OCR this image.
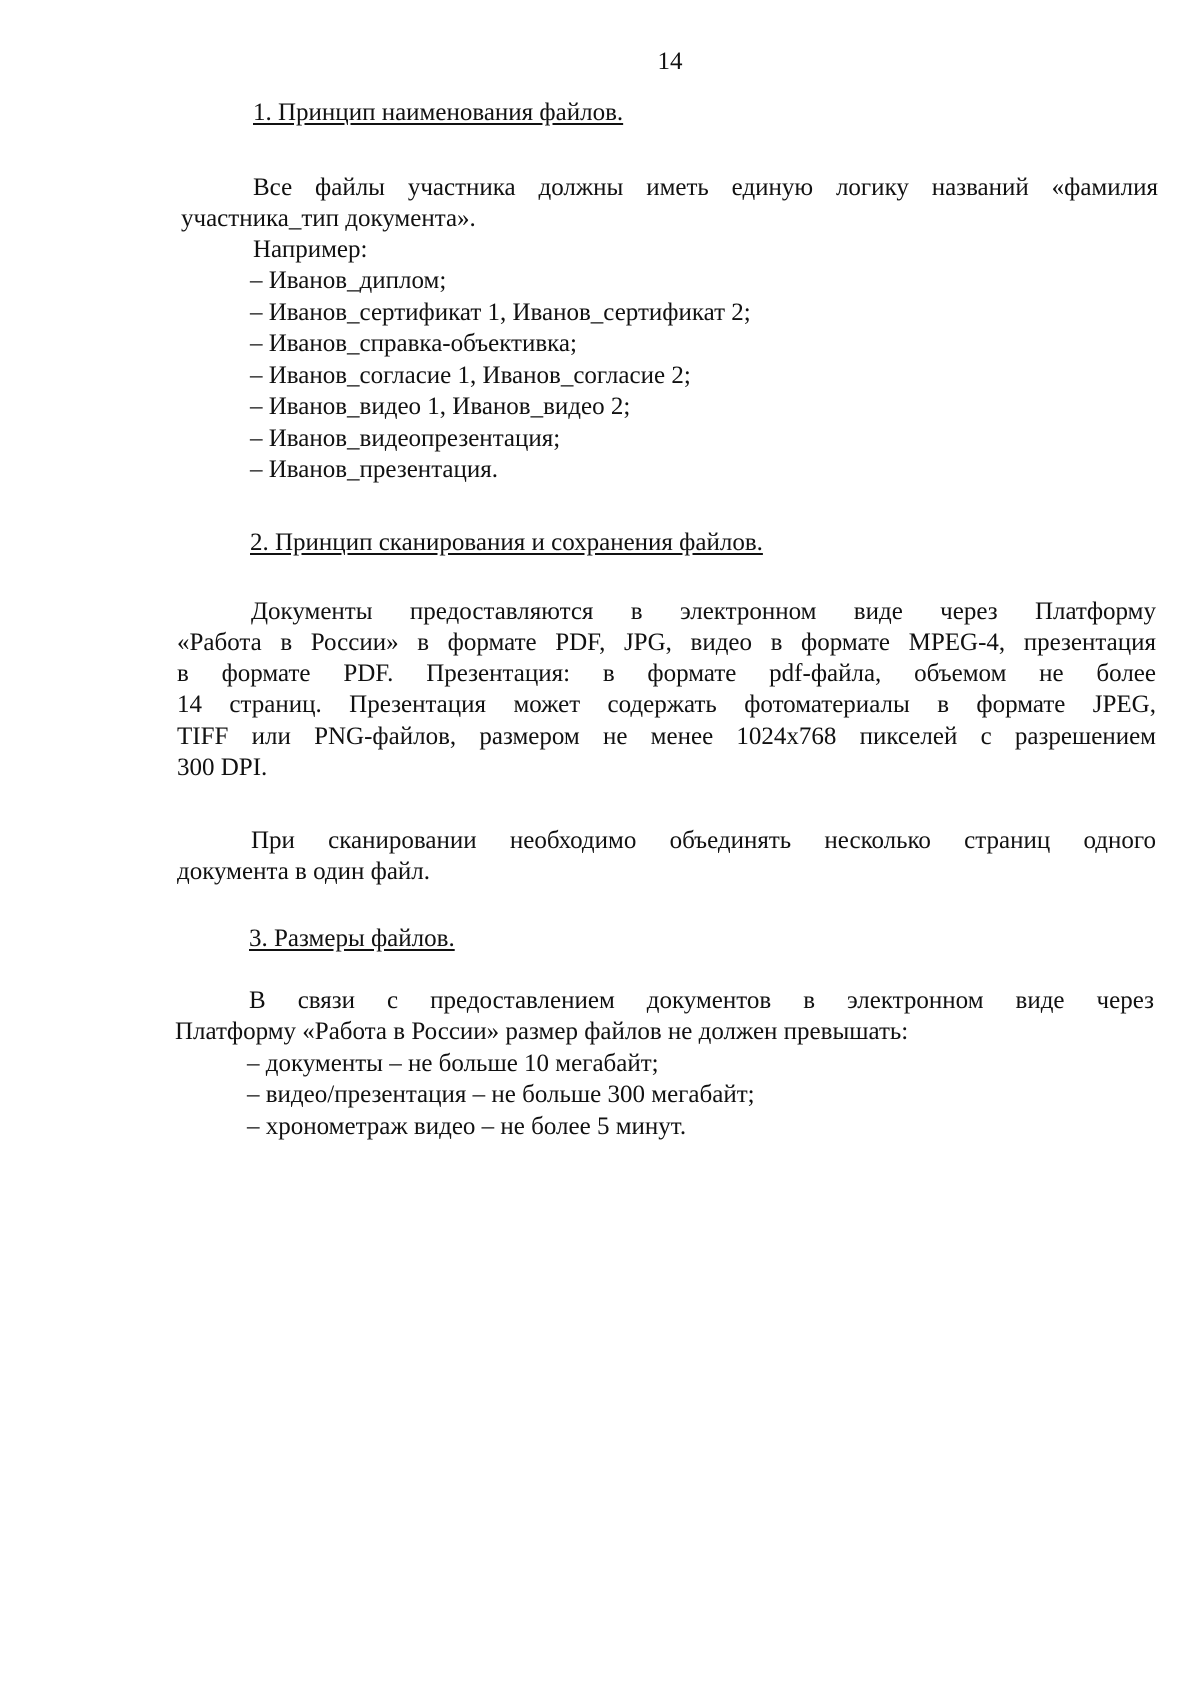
14
1. Принцип наименования файлов.
Все файлы участника должны иметь единую логику названий «фамилия
участника_тип документа».
Например:
– Иванов_диплом;
– Иванов_сертификат 1, Иванов_сертификат 2;
– Иванов_справка-объективка;
– Иванов_согласие 1, Иванов_согласие 2;
– Иванов_видео 1, Иванов_видео 2;
– Иванов_видеопрезентация;
– Иванов_презентация.
2. Принцип сканирования и сохранения файлов.
Документы предоставляются в электронном виде через Платформу
«Работа в России» в формате PDF, JPG, видео в формате MPEG-4, презентация
в формате PDF. Презентация: в формате pdf-файла, объемом не более
14 страниц. Презентация может содержать фотоматериалы в формате JPEG,
TIFF или PNG-файлов, размером не менее 1024x768 пикселей с разрешением
300 DPI.
При сканировании необходимо объединять несколько страниц одного
документа в один файл.
3. Размеры файлов.
В связи с предоставлением документов в электронном виде через
Платформу «Работа в России» размер файлов не должен превышать:
– документы – не больше 10 мегабайт;
– видео/презентация – не больше 300 мегабайт;
– хронометраж видео – не более 5 минут.
